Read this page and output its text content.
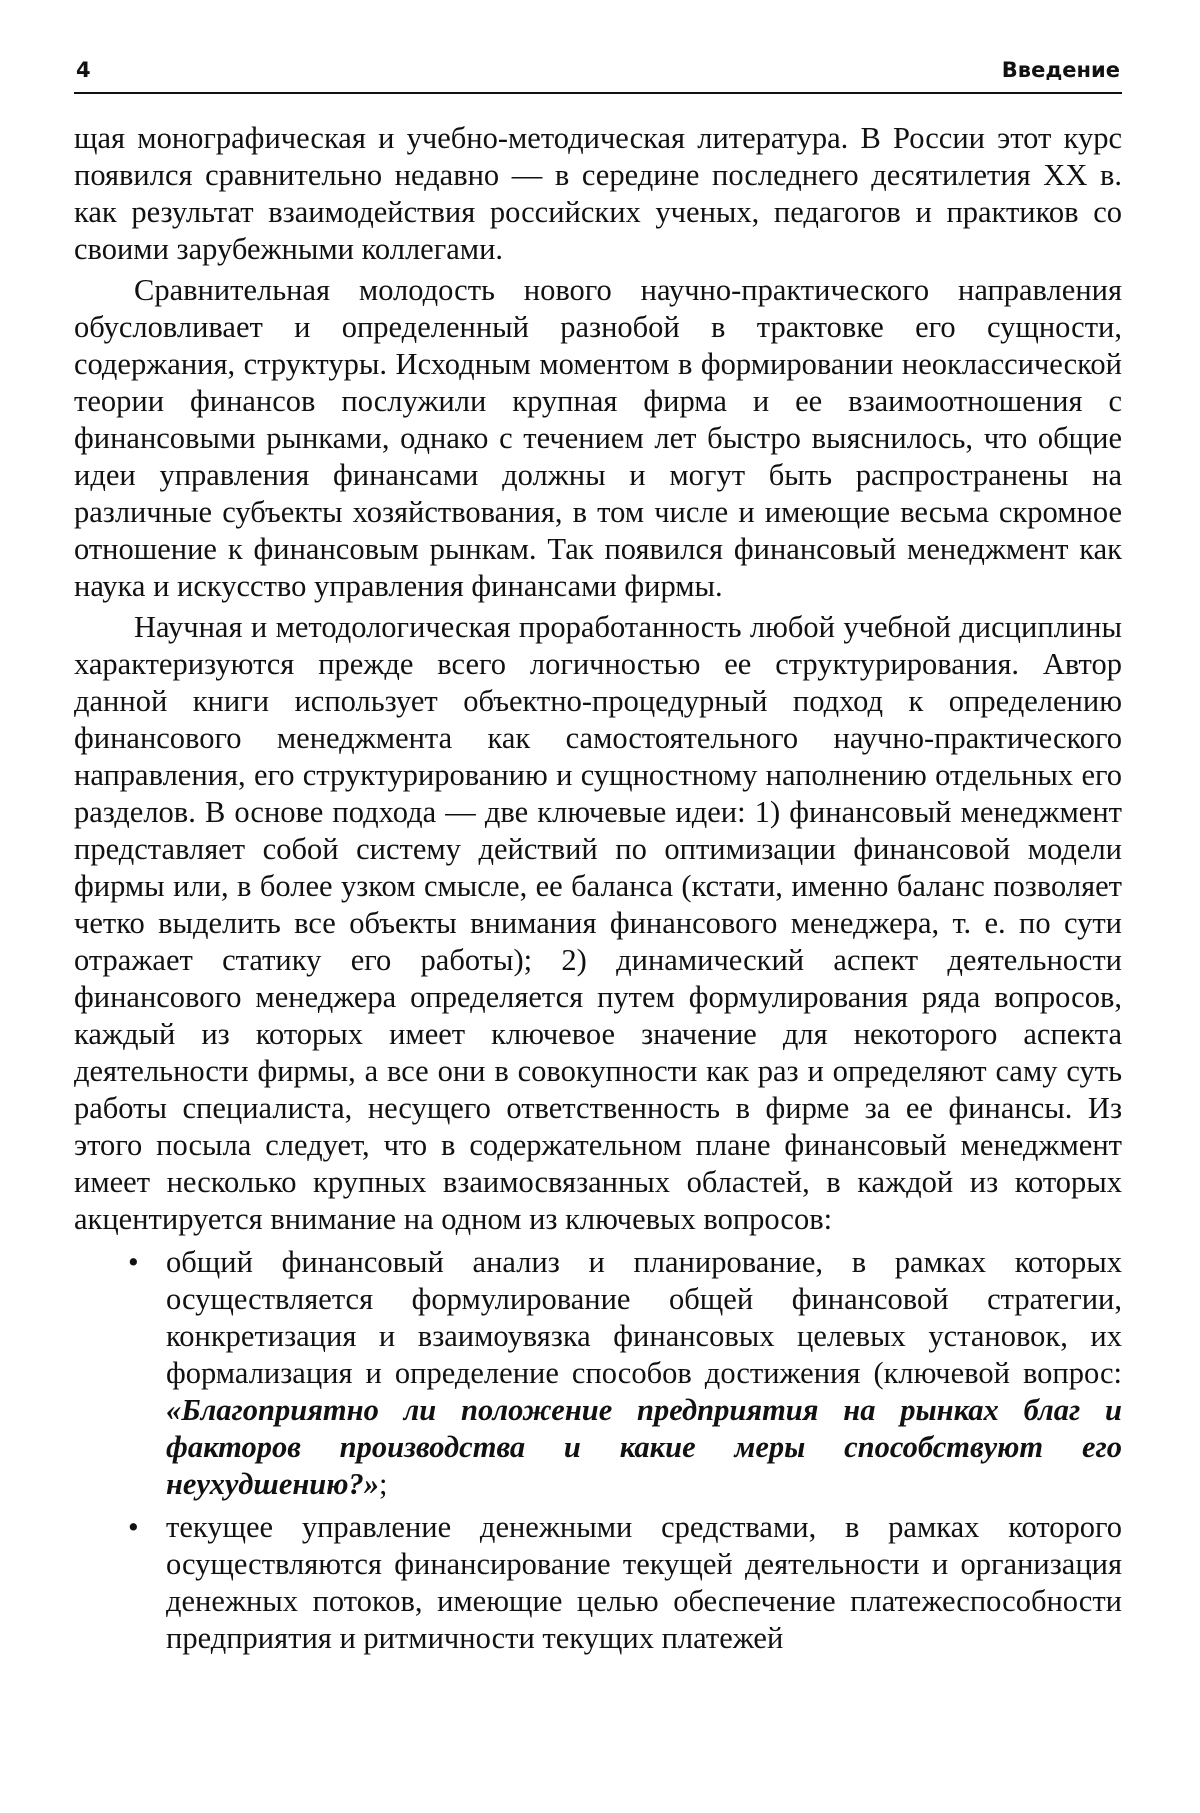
4	Введение

щая монографическая и учебно-методическая литература. В России этот курс появился сравнительно недавно — в середине последнего десятилетия XX в. как результат взаимодействия российских ученых, педагогов и практиков со своими зарубежными коллегами.

Сравнительная молодость нового научно-практического направления обусловливает и определенный разнобой в трактовке его сущности, содержания, структуры. Исходным моментом в формировании неоклассической теории финансов послужили крупная фирма и ее взаимоотношения с финансовыми рынками, однако с течением лет быстро выяснилось, что общие идеи управления финансами должны и могут быть распространены на различные субъекты хозяйствования, в том числе и имеющие весьма скромное отношение к финансовым рынкам. Так появился финансовый менеджмент как наука и искусство управления финансами фирмы.

Научная и методологическая проработанность любой учебной дисциплины характеризуются прежде всего логичностью ее структурирования. Автор данной книги использует объектно-процедурный подход к определению финансового менеджмента как самостоятельного научно-практического направления, его структурированию и сущностному наполнению отдельных его разделов. В основе подхода — две ключевые идеи: 1) финансовый менеджмент представляет собой систему действий по оптимизации финансовой модели фирмы или, в более узком смысле, ее баланса (кстати, именно баланс позволяет четко выделить все объекты внимания финансового менеджера, т. е. по сути отражает статику его работы); 2) динамический аспект деятельности финансового менеджера определяется путем формулирования ряда вопросов, каждый из которых имеет ключевое значение для некоторого аспекта деятельности фирмы, а все они в совокупности как раз и определяют саму суть работы специалиста, несущего ответственность в фирме за ее финансы. Из этого посыла следует, что в содержательном плане финансовый менеджмент имеет несколько крупных взаимосвязанных областей, в каждой из которых акцентируется внимание на одном из ключевых вопросов:

• общий финансовый анализ и планирование, в рамках которых осуществляется формулирование общей финансовой стратегии, конкретизация и взаимоувязка финансовых целевых установок, их формализация и определение способов достижения (ключевой вопрос: «Благоприятно ли положение предприятия на рынках благ и факторов производства и какие меры способствуют его неухудшению?»;
• текущее управление денежными средствами, в рамках которого осуществляются финансирование текущей деятельности и организация денежных потоков, имеющие целью обеспечение платежеспособности предприятия и ритмичности текущих платежей
